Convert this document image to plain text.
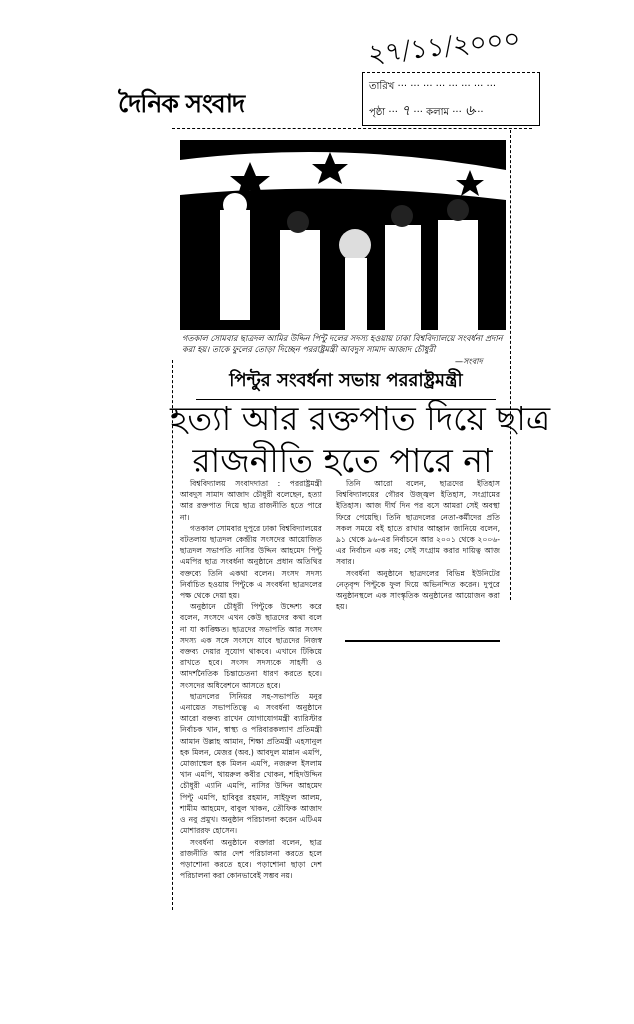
২৭/১১/২০০০
দৈনিক সংবাদ
তারিখ ··· ··· ··· ··· ··· ··· ··· ···
পৃষ্ঠা ··· ৭ ··· কলাম ··· ৬···
গতকাল সোমবার ছাত্রদল আমির উদ্দিন পিন্টু দলের সদস্য হওয়ায় ঢাকা বিশ্ববিদ্যালয়ে সংবর্ধনা প্রদান করা হয়। তাকে ফুলের তোড়া দিচ্ছেন পররাষ্ট্রমন্ত্রী আবদুস সামাদ আজাদ চৌধুরী
—সংবাদ
পিন্টুর সংবর্ধনা সভায় পররাষ্ট্রমন্ত্রী
হত্যা আর রক্তপাত দিয়ে ছাত্র
রাজনীতি হতে পারে না

বিশ্ববিদ্যালয় সংবাদদাতা : পররাষ্ট্রমন্ত্রী আবদুস সামাদ আজাদ চৌধুরী বলেছেন, হত্যা আর রক্তপাত দিয়ে ছাত্র রাজনীতি হতে পারে না।

গতকাল সোমবার দুপুরে ঢাকা বিশ্ববিদ্যালয়ের বটতলায় ছাত্রদল কেন্দ্রীয় সংসদের আয়োজিত ছাত্রদল সভাপতি নাসির উদ্দিন আহমেদ পিন্টু এমপির ছাত্র সংবর্ধনা অনুষ্ঠানে প্রধান অতিথির বক্তব্যে তিনি একথা বলেন। সংসদ সদস্য নির্বাচিত হওয়ায় পিন্টুকে এ সংবর্ধনা ছাত্রদলের পক্ষ থেকে দেয়া হয়।

অনুষ্ঠানে চৌধুরী পিন্টুকে উদ্দেশ্য করে বলেন, সংসদে এখন কেউ ছাত্রদের কথা বলে না যা কাঙ্ক্ষিত। ছাত্রদের সভাপতি আর সংসদ সদস্য এক সঙ্গে সংসদে যাবে ছাত্রদের নিজস্ব বক্তব্য দেয়ার সুযোগ থাকবে। এখানে টিকিয়ে রাখতে হবে। সংসদ সদস্যকে সাহসী ও আদর্শনৈতিক চিন্তাচেতনা ধারণ করতে হবে। সংসদের অধিবেশনে আসতে হবে।

ছাত্রদলের সিনিয়র সহ-সভাপতি মনুর এনায়েত সভাপতিত্বে এ সংবর্ধনা অনুষ্ঠানে আরো বক্তব্য রাখেন যোগাযোগমন্ত্রী ব্যারিস্টার নির্বাচক খান, স্বাস্থ্য ও পরিবারকল্যাণ প্রতিমন্ত্রী আমান উল্লাহ আমান, শিক্ষা প্রতিমন্ত্রী এহসানুল হক মিলন, মেজর (অব.) আবদুল মান্নান এমপি, মোজাম্মেল হক মিলন এমপি, নজরুল ইসলাম খান এমপি, খায়রুল কবীর খোকন, শহিদউদ্দিন চৌধুরী এ্যানি এমপি, নাসির উদ্দিন আহমেদ পিন্টু এমপি, হাবিবুর রহমান, সাইফুল আলম, শামীম আহমেদ, বাবুল খাকন, তৌফিক আজাদ ও নবু প্রমুখ। অনুষ্ঠান পরিচালনা করেন এটিএম মোশাররফ হোসেন।

সংবর্ধনা অনুষ্ঠানে বক্তারা বলেন, ছাত্র রাজনীতি আর দেশ পরিচালনা করতে হলে পড়াশোনা করতে হবে। পড়াশোনা ছাড়া দেশ পরিচালনা করা কোনভাবেই সম্ভব নয়।

তিনি আরো বলেন, ছাত্রদের ইতিহাস বিশ্ববিদ্যালয়ের গৌরব উজ্জ্বল ইতিহাস, সংগ্রামের ইতিহাস। আজ দীর্ঘ দিন পর বসে আমরা সেই অবস্থা ফিরে পেয়েছি। তিনি ছাত্রদলের নেতা-কর্মীদের প্রতি সকল সময়ে বই হাতে রাখার আহ্বান জানিয়ে বলেন, ৯১ থেকে ৯৬-এর নির্বাচনে আর ২০০১ থেকে ২০০৬-এর নির্বাচন এক নয়; সেই সংগ্রাম করার দায়িত্ব আজ সবার।

সংবর্ধনা অনুষ্ঠানে ছাত্রদলের বিভিন্ন ইউনিটের নেতৃবৃন্দ পিন্টুকে ফুল দিয়ে অভিনন্দিত করেন। দুপুরে অনুষ্ঠানস্থলে এক সাংস্কৃতিক অনুষ্ঠানের আয়োজন করা হয়।
